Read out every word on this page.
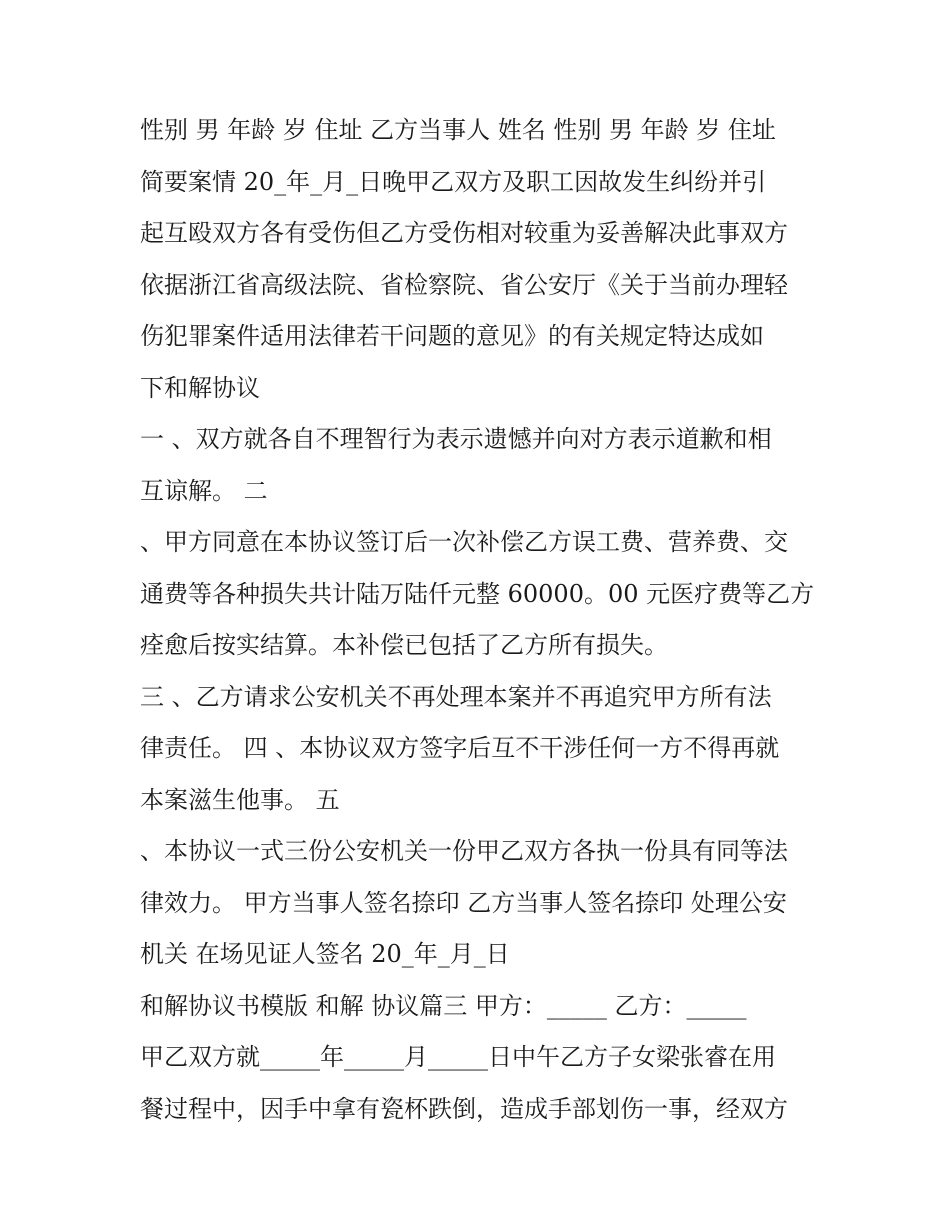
性别 男 年龄 岁 住址 乙方当事人 姓名 性别 男 年龄 岁 住址
简要案情 20_年_月_日晚甲乙双方及职工因故发生纠纷并引
起互殴双方各有受伤但乙方受伤相对较重为妥善解决此事双方
依据浙江省高级法院、省检察院、省公安厅《关于当前办理轻
伤犯罪案件适用法律若干问题的意见》的有关规定特达成如
下和解协议
一 、双方就各自不理智行为表示遗憾并向对方表示道歉和相
互谅解。 二
、甲方同意在本协议签订后一次补偿乙方误工费、营养费、交
通费等各种损失共计陆万陆仟元整 60000。00 元医疗费等乙方
痊愈后按实结算。本补偿已包括了乙方所有损失。
三 、乙方请求公安机关不再处理本案并不再追究甲方所有法
律责任。 四 、本协议双方签字后互不干涉任何一方不得再就
本案滋生他事。 五
、本协议一式三份公安机关一份甲乙双方各执一份具有同等法
律效力。 甲方当事人签名捺印 乙方当事人签名捺印 处理公安
机关 在场见证人签名 20_年_月_日
和解协议书模版 和解 协议篇三 甲方：_____ 乙方：_____
甲乙双方就_____年_____月_____日中午乙方子女梁张睿在用
餐过程中，因手中拿有瓷杯跌倒，造成手部划伤一事，经双方
